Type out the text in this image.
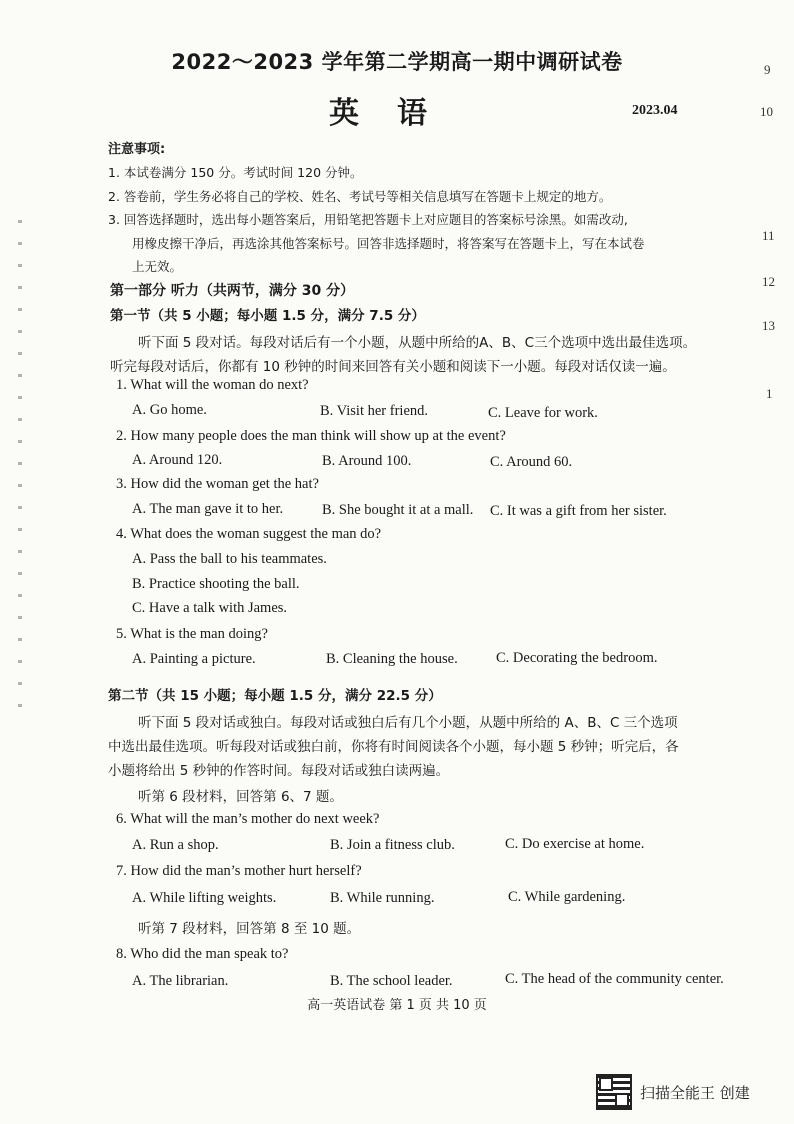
2022～2023 学年第二学期高一期中调研试卷
英语	2023.04
9
10
11
12
13
1
注意事项:
1. 本试卷满分 150 分。考试时间 120 分钟。
2. 答卷前，学生务必将自己的学校、姓名、考试号等相关信息填写在答题卡上规定的地方。
3. 回答选择题时，选出每小题答案后，用铅笔把答题卡上对应题目的答案标号涂黑。如需改动,
用橡皮擦干净后，再选涂其他答案标号。回答非选择题时，将答案写在答题卡上，写在本试卷
上无效。
第一部分 听力（共两节，满分 30 分）
第一节（共 5 小题；每小题 1.5 分，满分 7.5 分）
听下面 5 段对话。每段对话后有一个小题，从题中所给的A、B、C三个选项中选出最佳选项。
听完每段对话后，你都有 10 秒钟的时间来回答有关小题和阅读下一小题。每段对话仅读一遍。
1. What will the woman do next?
A. Go home.	B. Visit her friend.	C. Leave for work.
2. How many people does the man think will show up at the event?
A. Around 120.	B. Around 100.	C. Around 60.
3. How did the woman get the hat?
A. The man gave it to her.	B. She bought it at a mall. C. It was a gift from her sister.
4. What does the woman suggest the man do?
A. Pass the ball to his teammates.
B. Practice shooting the ball.
C. Have a talk with James.
5. What is the man doing?
A. Painting a picture.	B. Cleaning the house.	C. Decorating the bedroom.
第二节（共 15 小题；每小题 1.5 分，满分 22.5 分）
听下面 5 段对话或独白。每段对话或独白后有几个小题，从题中所给的 A、B、C 三个选项
中选出最佳选项。听每段对话或独白前，你将有时间阅读各个小题，每小题 5 秒钟；听完后，各
小题将给出 5 秒钟的作答时间。每段对话或独白读两遍。
听第 6 段材料，回答第 6、7 题。
6. What will the man’s mother do next week?
A. Run a shop.	B. Join a fitness club.	C. Do exercise at home.
7. How did the man’s mother hurt herself?
A. While lifting weights.	B. While running.	C. While gardening.
听第 7 段材料，回答第 8 至 10 题。
8. Who did the man speak to?
A. The librarian.	B. The school leader.	C. The head of the community center.
高一英语试卷 第 1 页 共 10 页
扫描全能王 创建
